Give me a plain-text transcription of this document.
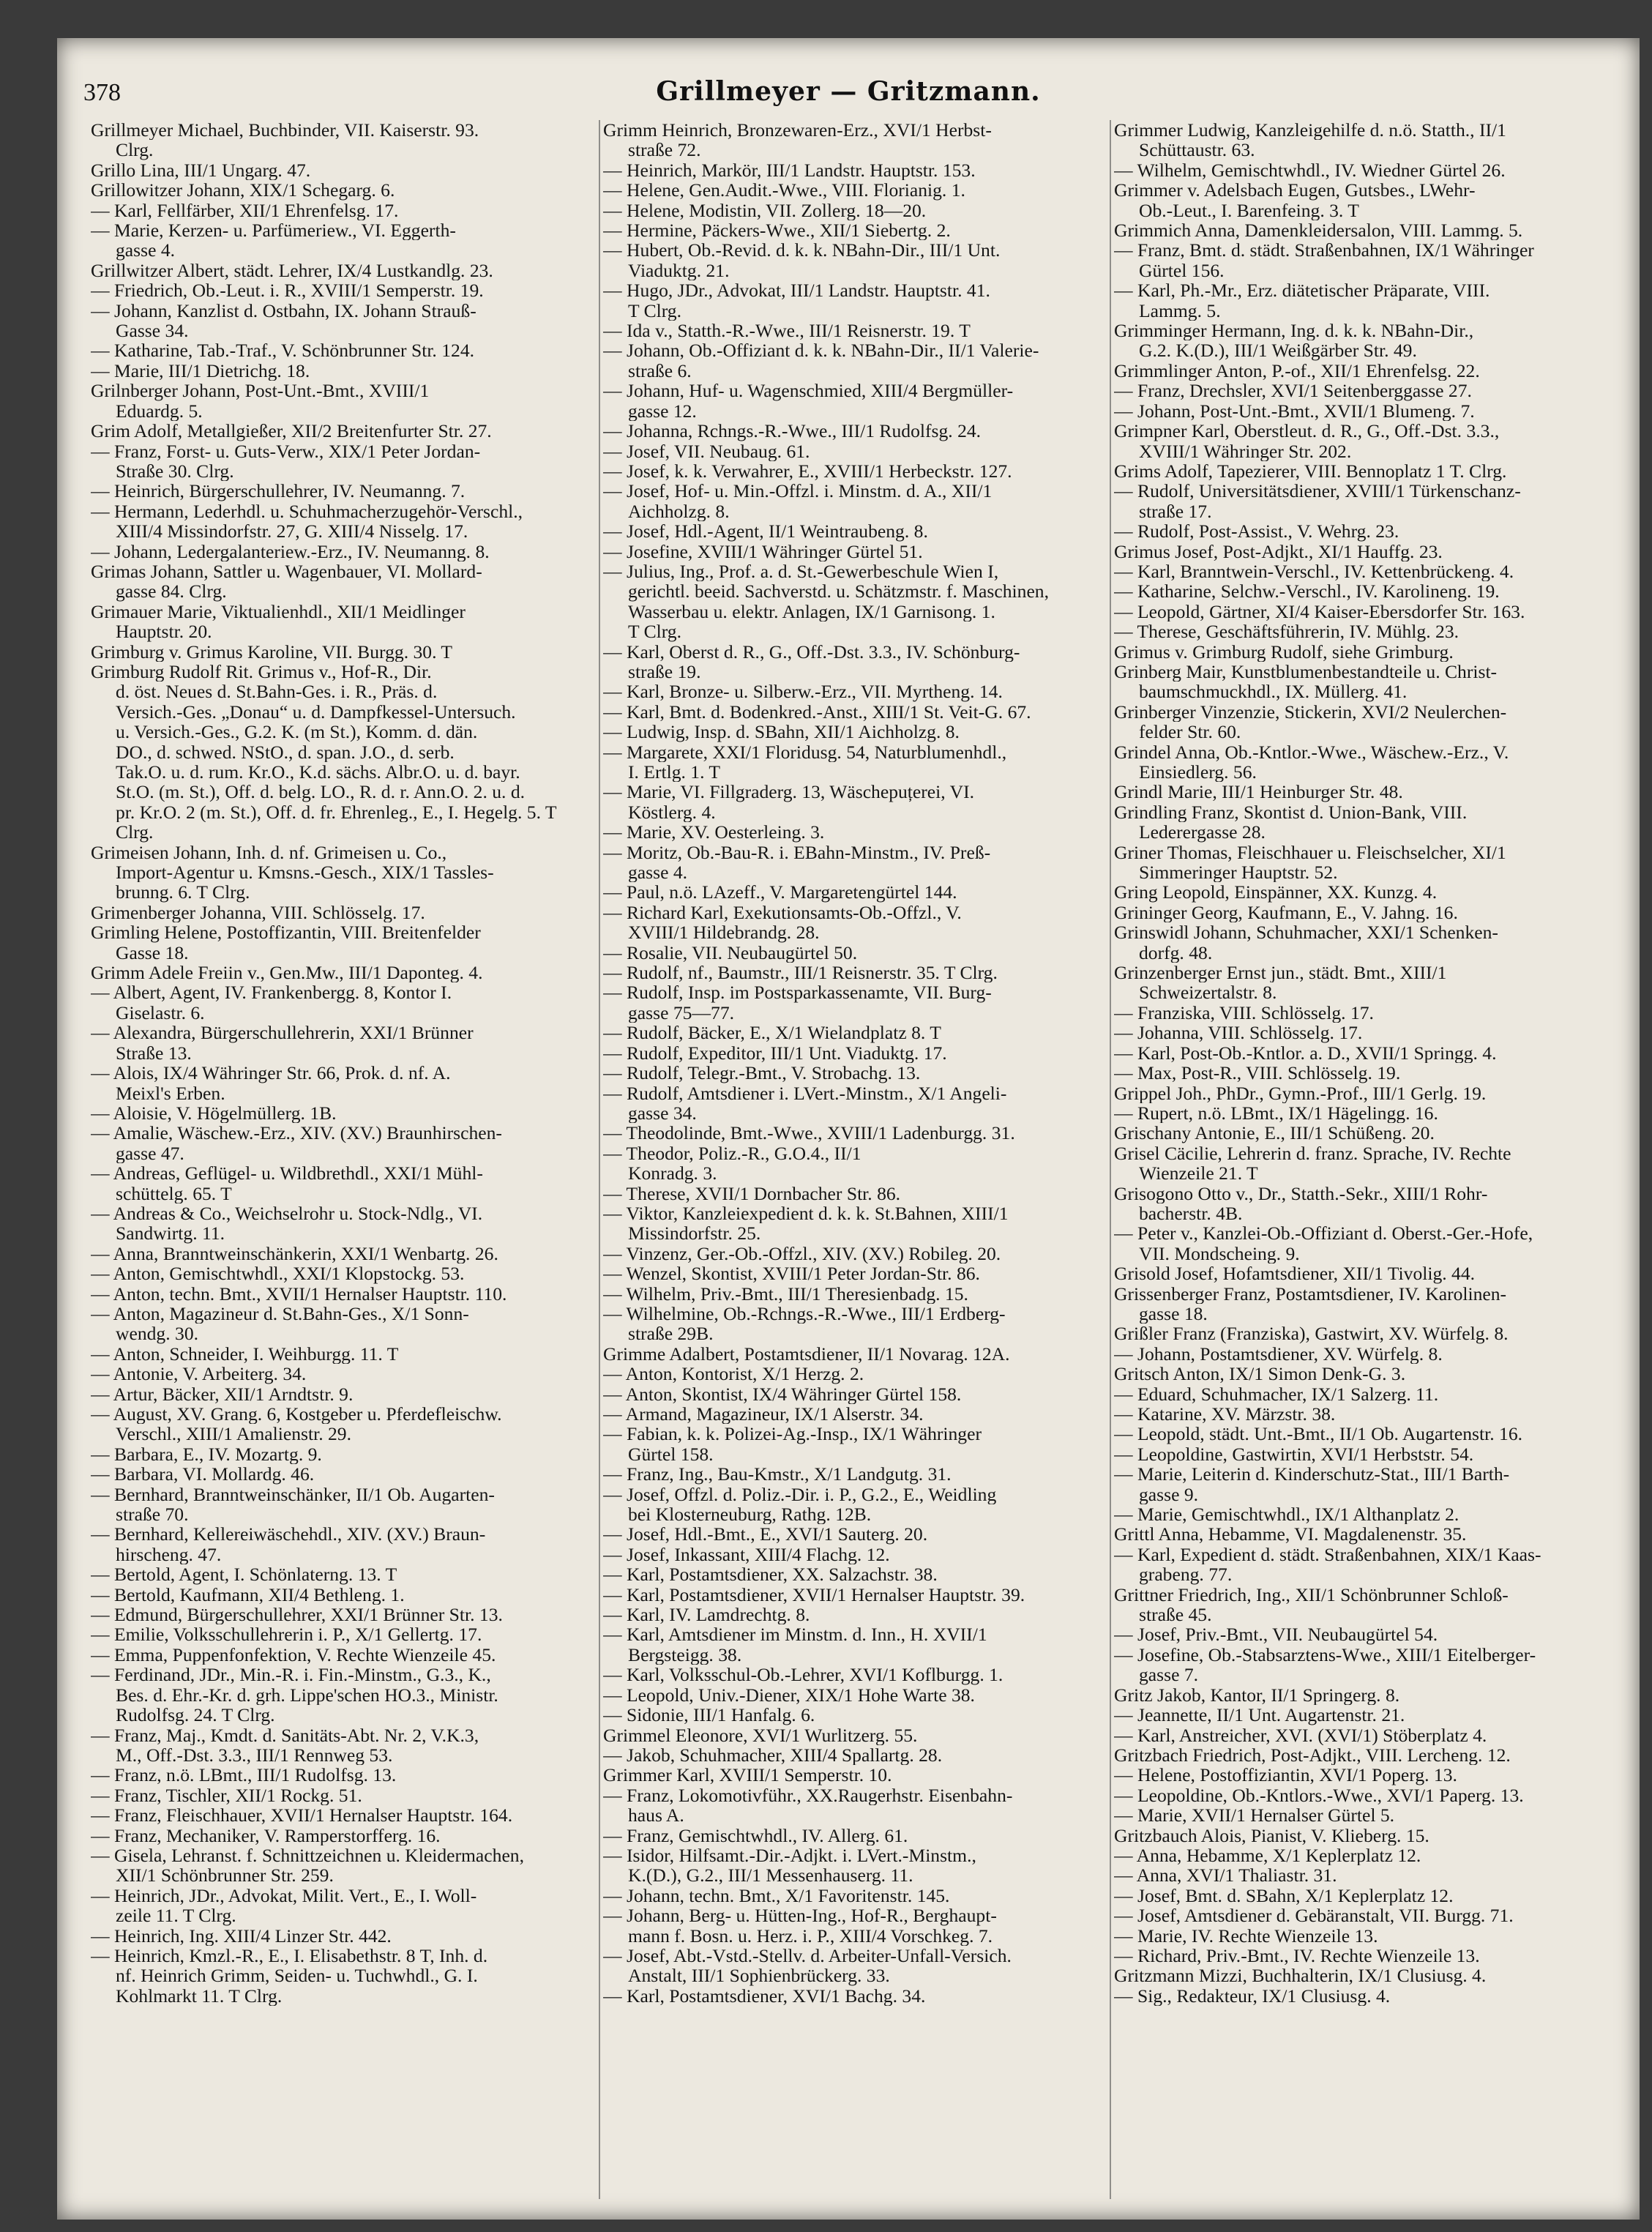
378	Grillmeyer — Gritzmann.
Grillmeyer Michael, Buchbinder, VII. Kaiserstr. 93.
Clrg.
Grillo Lina, III/1 Ungarg. 47.
Grillowitzer Johann, XIX/1 Schegarg. 6.
— Karl, Fellfärber, XII/1 Ehrenfelsg. 17.
— Marie, Kerzen- u. Parfümeriew., VI. Eggerth-
gasse 4.
Grillwitzer Albert, städt. Lehrer, IX/4 Lustkandlg. 23.
— Friedrich, Ob.-Leut. i. R., XVIII/1 Semperstr. 19.
— Johann, Kanzlist d. Ostbahn, IX. Johann Strauß-
Gasse 34.
— Katharine, Tab.-Traf., V. Schönbrunner Str. 124.
— Marie, III/1 Dietrichg. 18.
Grilnberger Johann, Post-Unt.-Bmt., XVIII/1
Eduardg. 5.
Grim Adolf, Metallgießer, XII/2 Breitenfurter Str. 27.
— Franz, Forst- u. Guts-Verw., XIX/1 Peter Jordan-
Straße 30. Clrg.
— Heinrich, Bürgerschullehrer, IV. Neumanng. 7.
— Hermann, Lederhdl. u. Schuhmacherzugehör-Verschl.,
XIII/4 Missindorfstr. 27, G. XIII/4 Nisselg. 17.
— Johann, Ledergalanteriew.-Erz., IV. Neumanng. 8.
Grimas Johann, Sattler u. Wagenbauer, VI. Mollard-
gasse 84. Clrg.
Grimauer Marie, Viktualienhdl., XII/1 Meidlinger
Hauptstr. 20.
Grimburg v. Grimus Karoline, VII. Burgg. 30. T
Grimburg Rudolf Rit. Grimus v., Hof-R., Dir.
d. öst. Neues d. St.Bahn-Ges. i. R., Präs. d.
Versich.-Ges. „Donau“ u. d. Dampfkessel-Untersuch.
u. Versich.-Ges., G.2. K. (m St.), Komm. d. dän.
DO., d. schwed. NStO., d. span. J.O., d. serb.
Tak.O. u. d. rum. Kr.O., K.d. sächs. Albr.O. u. d. bayr.
St.O. (m. St.), Off. d. belg. LO., R. d. r. Ann.O. 2. u. d.
pr. Kr.O. 2 (m. St.), Off. d. fr. Ehrenleg., E., I. Hegelg. 5. T
Clrg.
Grimeisen Johann, Inh. d. nf. Grimeisen u. Co.,
Import-Agentur u. Kmsns.-Gesch., XIX/1 Tassles-
brunng. 6. T Clrg.
Grimenberger Johanna, VIII. Schlösselg. 17.
Grimling Helene, Postoffizantin, VIII. Breitenfelder
Gasse 18.
Grimm Adele Freiin v., Gen.Mw., III/1 Daponteg. 4.
— Albert, Agent, IV. Frankenbergg. 8, Kontor I.
Giselastr. 6.
— Alexandra, Bürgerschullehrerin, XXI/1 Brünner
Straße 13.
— Alois, IX/4 Währinger Str. 66, Prok. d. nf. A.
Meixl's Erben.
— Aloisie, V. Högelmüllerg. 1B.
— Amalie, Wäschew.-Erz., XIV. (XV.) Braunhirschen-
gasse 47.
— Andreas, Geflügel- u. Wildbrethdl., XXI/1 Mühl-
schüttelg. 65. T
— Andreas & Co., Weichselrohr u. Stock-Ndlg., VI.
Sandwirtg. 11.
— Anna, Branntweinschänkerin, XXI/1 Wenbartg. 26.
— Anton, Gemischtwhdl., XXI/1 Klopstockg. 53.
— Anton, techn. Bmt., XVII/1 Hernalser Hauptstr. 110.
— Anton, Magazineur d. St.Bahn-Ges., X/1 Sonn-
wendg. 30.
— Anton, Schneider, I. Weihburgg. 11. T
— Antonie, V. Arbeiterg. 34.
— Artur, Bäcker, XII/1 Arndtstr. 9.
— August, XV. Grang. 6, Kostgeber u. Pferdefleischw.
Verschl., XIII/1 Amalienstr. 29.
— Barbara, E., IV. Mozartg. 9.
— Barbara, VI. Mollardg. 46.
— Bernhard, Branntweinschänker, II/1 Ob. Augarten-
straße 70.
— Bernhard, Kellereiwäschehdl., XIV. (XV.) Braun-
hirscheng. 47.
— Bertold, Agent, I. Schönlaterng. 13. T
— Bertold, Kaufmann, XII/4 Bethleng. 1.
— Edmund, Bürgerschullehrer, XXI/1 Brünner Str. 13.
— Emilie, Volksschullehrerin i. P., X/1 Gellertg. 17.
— Emma, Puppenfonfektion, V. Rechte Wienzeile 45.
— Ferdinand, JDr., Min.-R. i. Fin.-Minstm., G.3., K.,
Bes. d. Ehr.-Kr. d. grh. Lippe'schen HO.3., Ministr.
Rudolfsg. 24. T Clrg.
— Franz, Maj., Kmdt. d. Sanitäts-Abt. Nr. 2, V.K.3,
M., Off.-Dst. 3.3., III/1 Rennweg 53.
— Franz, n.ö. LBmt., III/1 Rudolfsg. 13.
— Franz, Tischler, XII/1 Rockg. 51.
— Franz, Fleischhauer, XVII/1 Hernalser Hauptstr. 164.
— Franz, Mechaniker, V. Ramperstorfferg. 16.
— Gisela, Lehranst. f. Schnittzeichnen u. Kleidermachen,
XII/1 Schönbrunner Str. 259.
— Heinrich, JDr., Advokat, Milit. Vert., E., I. Woll-
zeile 11. T Clrg.
— Heinrich, Ing. XIII/4 Linzer Str. 442.
— Heinrich, Kmzl.-R., E., I. Elisabethstr. 8 T, Inh. d.
nf. Heinrich Grimm, Seiden- u. Tuchwhdl., G. I.
Kohlmarkt 11. T Clrg.
Grimm Heinrich, Bronzewaren-Erz., XVI/1 Herbst-
straße 72.
— Heinrich, Markör, III/1 Landstr. Hauptstr. 153.
— Helene, Gen.Audit.-Wwe., VIII. Florianig. 1.
— Helene, Modistin, VII. Zollerg. 18—20.
— Hermine, Päckers-Wwe., XII/1 Siebertg. 2.
— Hubert, Ob.-Revid. d. k. k. NBahn-Dir., III/1 Unt.
Viaduktg. 21.
— Hugo, JDr., Advokat, III/1 Landstr. Hauptstr. 41.
T Clrg.
— Ida v., Statth.-R.-Wwe., III/1 Reisnerstr. 19. T
— Johann, Ob.-Offiziant d. k. k. NBahn-Dir., II/1 Valerie-
straße 6.
— Johann, Huf- u. Wagenschmied, XIII/4 Bergmüller-
gasse 12.
— Johanna, Rchngs.-R.-Wwe., III/1 Rudolfsg. 24.
— Josef, VII. Neubaug. 61.
— Josef, k. k. Verwahrer, E., XVIII/1 Herbeckstr. 127.
— Josef, Hof- u. Min.-Offzl. i. Minstm. d. A., XII/1
Aichholzg. 8.
— Josef, Hdl.-Agent, II/1 Weintraubeng. 8.
— Josefine, XVIII/1 Währinger Gürtel 51.
— Julius, Ing., Prof. a. d. St.-Gewerbeschule Wien I,
gerichtl. beeid. Sachverstd. u. Schätzmstr. f. Maschinen,
Wasserbau u. elektr. Anlagen, IX/1 Garnisong. 1.
T Clrg.
— Karl, Oberst d. R., G., Off.-Dst. 3.3., IV. Schönburg-
straße 19.
— Karl, Bronze- u. Silberw.-Erz., VII. Myrtheng. 14.
— Karl, Bmt. d. Bodenkred.-Anst., XIII/1 St. Veit-G. 67.
— Ludwig, Insp. d. SBahn, XII/1 Aichholzg. 8.
— Margarete, XXI/1 Floridusg. 54, Naturblumenhdl.,
I. Ertlg. 1. T
— Marie, VI. Fillgraderg. 13, Wäschepuțerei, VI.
Köstlerg. 4.
— Marie, XV. Oesterleing. 3.
— Moritz, Ob.-Bau-R. i. EBahn-Minstm., IV. Preß-
gasse 4.
— Paul, n.ö. LAzeff., V. Margaretengürtel 144.
— Richard Karl, Exekutionsamts-Ob.-Offzl., V.
XVIII/1 Hildebrandg. 28.
— Rosalie, VII. Neubaugürtel 50.
— Rudolf, nf., Baumstr., III/1 Reisnerstr. 35. T Clrg.
— Rudolf, Insp. im Postsparkassenamte, VII. Burg-
gasse 75—77.
— Rudolf, Bäcker, E., X/1 Wielandplatz 8. T
— Rudolf, Expeditor, III/1 Unt. Viaduktg. 17.
— Rudolf, Telegr.-Bmt., V. Strobachg. 13.
— Rudolf, Amtsdiener i. LVert.-Minstm., X/1 Angeli-
gasse 34.
— Theodolinde, Bmt.-Wwe., XVIII/1 Ladenburgg. 31.
— Theodor, Poliz.-R., G.O.4., II/1
Konradg. 3.
— Therese, XVII/1 Dornbacher Str. 86.
— Viktor, Kanzleiexpedient d. k. k. St.Bahnen, XIII/1
Missindorfstr. 25.
— Vinzenz, Ger.-Ob.-Offzl., XIV. (XV.) Robileg. 20.
— Wenzel, Skontist, XVIII/1 Peter Jordan-Str. 86.
— Wilhelm, Priv.-Bmt., III/1 Theresienbadg. 15.
— Wilhelmine, Ob.-Rchngs.-R.-Wwe., III/1 Erdberg-
straße 29B.
Grimme Adalbert, Postamtsdiener, II/1 Novarag. 12A.
— Anton, Kontorist, X/1 Herzg. 2.
— Anton, Skontist, IX/4 Währinger Gürtel 158.
— Armand, Magazineur, IX/1 Alserstr. 34.
— Fabian, k. k. Polizei-Ag.-Insp., IX/1 Währinger
Gürtel 158.
— Franz, Ing., Bau-Kmstr., X/1 Landgutg. 31.
— Josef, Offzl. d. Poliz.-Dir. i. P., G.2., E., Weidling
bei Klosterneuburg, Rathg. 12B.
— Josef, Hdl.-Bmt., E., XVI/1 Sauterg. 20.
— Josef, Inkassant, XIII/4 Flachg. 12.
— Karl, Postamtsdiener, XX. Salzachstr. 38.
— Karl, Postamtsdiener, XVII/1 Hernalser Hauptstr. 39.
— Karl, IV. Lamdrechtg. 8.
— Karl, Amtsdiener im Minstm. d. Inn., H. XVII/1
Bergsteigg. 38.
— Karl, Volksschul-Ob.-Lehrer, XVI/1 Koflburgg. 1.
— Leopold, Univ.-Diener, XIX/1 Hohe Warte 38.
— Sidonie, III/1 Hanfalg. 6.
Grimmel Eleonore, XVI/1 Wurlitzerg. 55.
— Jakob, Schuhmacher, XIII/4 Spallartg. 28.
Grimmer Karl, XVIII/1 Semperstr. 10.
— Franz, Lokomotivführ., XX.Raugerhstr. Eisenbahn-
haus A.
— Franz, Gemischtwhdl., IV. Allerg. 61.
— Isidor, Hilfsamt.-Dir.-Adjkt. i. LVert.-Minstm.,
K.(D.), G.2., III/1 Messenhauserg. 11.
— Johann, techn. Bmt., X/1 Favoritenstr. 145.
— Johann, Berg- u. Hütten-Ing., Hof-R., Berghaupt-
mann f. Bosn. u. Herz. i. P., XIII/4 Vorschkeg. 7.
— Josef, Abt.-Vstd.-Stellv. d. Arbeiter-Unfall-Versich.
Anstalt, III/1 Sophienbrückerg. 33.
— Karl, Postamtsdiener, XVI/1 Bachg. 34.
Grimmer Ludwig, Kanzleigehilfe d. n.ö. Statth., II/1
Schüttaustr. 63.
— Wilhelm, Gemischtwhdl., IV. Wiedner Gürtel 26.
Grimmer v. Adelsbach Eugen, Gutsbes., LWehr-
Ob.-Leut., I. Barenfeing. 3. T
Grimmich Anna, Damenkleidersalon, VIII. Lammg. 5.
— Franz, Bmt. d. städt. Straßenbahnen, IX/1 Währinger
Gürtel 156.
— Karl, Ph.-Mr., Erz. diätetischer Präparate, VIII.
Lammg. 5.
Grimminger Hermann, Ing. d. k. k. NBahn-Dir.,
G.2. K.(D.), III/1 Weißgärber Str. 49.
Grimmlinger Anton, P.-of., XII/1 Ehrenfelsg. 22.
— Franz, Drechsler, XVI/1 Seitenberggasse 27.
— Johann, Post-Unt.-Bmt., XVII/1 Blumeng. 7.
Grimpner Karl, Oberstleut. d. R., G., Off.-Dst. 3.3.,
XVIII/1 Währinger Str. 202.
Grims Adolf, Tapezierer, VIII. Bennoplatz 1 T. Clrg.
— Rudolf, Universitätsdiener, XVIII/1 Türkenschanz-
straße 17.
— Rudolf, Post-Assist., V. Wehrg. 23.
Grimus Josef, Post-Adjkt., XI/1 Hauffg. 23.
— Karl, Branntwein-Verschl., IV. Kettenbrückeng. 4.
— Katharine, Selchw.-Verschl., IV. Karolineng. 19.
— Leopold, Gärtner, XI/4 Kaiser-Ebersdorfer Str. 163.
— Therese, Geschäftsführerin, IV. Mühlg. 23.
Grimus v. Grimburg Rudolf, siehe Grimburg.
Grinberg Mair, Kunstblumenbestandteile u. Christ-
baumschmuckhdl., IX. Müllerg. 41.
Grinberger Vinzenzie, Stickerin, XVI/2 Neulerchen-
felder Str. 60.
Grindel Anna, Ob.-Kntlor.-Wwe., Wäschew.-Erz., V.
Einsiedlerg. 56.
Grindl Marie, III/1 Heinburger Str. 48.
Grindling Franz, Skontist d. Union-Bank, VIII.
Lederergasse 28.
Griner Thomas, Fleischhauer u. Fleischselcher, XI/1
Simmeringer Hauptstr. 52.
Gring Leopold, Einspänner, XX. Kunzg. 4.
Grininger Georg, Kaufmann, E., V. Jahng. 16.
Grinswidl Johann, Schuhmacher, XXI/1 Schenken-
dorfg. 48.
Grinzenberger Ernst jun., städt. Bmt., XIII/1
Schweizertalstr. 8.
— Franziska, VIII. Schlösselg. 17.
— Johanna, VIII. Schlösselg. 17.
— Karl, Post-Ob.-Kntlor. a. D., XVII/1 Springg. 4.
— Max, Post-R., VIII. Schlösselg. 19.
Grippel Joh., PhDr., Gymn.-Prof., III/1 Gerlg. 19.
— Rupert, n.ö. LBmt., IX/1 Hägelingg. 16.
Grischany Antonie, E., III/1 Schüßeng. 20.
Grisel Cäcilie, Lehrerin d. franz. Sprache, IV. Rechte
Wienzeile 21. T
Grisogono Otto v., Dr., Statth.-Sekr., XIII/1 Rohr-
bacherstr. 4B.
— Peter v., Kanzlei-Ob.-Offiziant d. Oberst.-Ger.-Hofe,
VII. Mondscheing. 9.
Grisold Josef, Hofamtsdiener, XII/1 Tivolig. 44.
Grissenberger Franz, Postamtsdiener, IV. Karolinen-
gasse 18.
Grißler Franz (Franziska), Gastwirt, XV. Würfelg. 8.
— Johann, Postamtsdiener, XV. Würfelg. 8.
Gritsch Anton, IX/1 Simon Denk-G. 3.
— Eduard, Schuhmacher, IX/1 Salzerg. 11.
— Katarine, XV. Märzstr. 38.
— Leopold, städt. Unt.-Bmt., II/1 Ob. Augartenstr. 16.
— Leopoldine, Gastwirtin, XVI/1 Herbststr. 54.
— Marie, Leiterin d. Kinderschutz-Stat., III/1 Barth-
gasse 9.
— Marie, Gemischtwhdl., IX/1 Althanplatz 2.
Grittl Anna, Hebamme, VI. Magdalenenstr. 35.
— Karl, Expedient d. städt. Straßenbahnen, XIX/1 Kaas-
grabeng. 77.
Grittner Friedrich, Ing., XII/1 Schönbrunner Schloß-
straße 45.
— Josef, Priv.-Bmt., VII. Neubaugürtel 54.
— Josefine, Ob.-Stabsarztens-Wwe., XIII/1 Eitelberger-
gasse 7.
Gritz Jakob, Kantor, II/1 Springerg. 8.
— Jeannette, II/1 Unt. Augartenstr. 21.
— Karl, Anstreicher, XVI. (XVI/1) Stöberplatz 4.
Gritzbach Friedrich, Post-Adjkt., VIII. Lercheng. 12.
— Helene, Postoffiziantin, XVI/1 Poperg. 13.
— Leopoldine, Ob.-Kntlors.-Wwe., XVI/1 Paperg. 13.
— Marie, XVII/1 Hernalser Gürtel 5.
Gritzbauch Alois, Pianist, V. Klieberg. 15.
— Anna, Hebamme, X/1 Keplerplatz 12.
— Anna, XVI/1 Thaliastr. 31.
— Josef, Bmt. d. SBahn, X/1 Keplerplatz 12.
— Josef, Amtsdiener d. Gebäranstalt, VII. Burgg. 71.
— Marie, IV. Rechte Wienzeile 13.
— Richard, Priv.-Bmt., IV. Rechte Wienzeile 13.
Gritzmann Mizzi, Buchhalterin, IX/1 Clusiusg. 4.
— Sig., Redakteur, IX/1 Clusiusg. 4.
